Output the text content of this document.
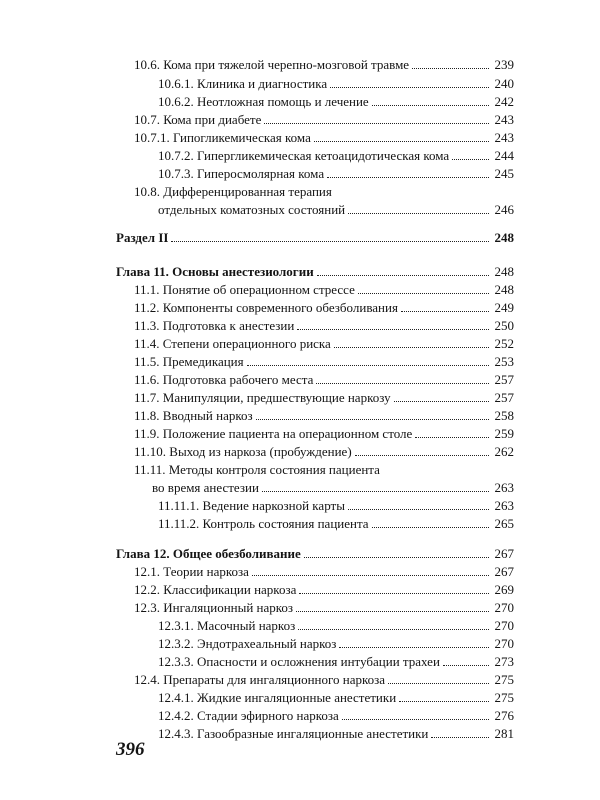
10.6. Кома при тяжелой черепно-мозговой травме	239
10.6.1. Клиника и диагностика	240
10.6.2. Неотложная помощь и лечение	242
10.7. Кома при диабете	243
10.7.1. Гипогликемическая кома	243
10.7.2. Гипергликемическая кетоацидотическая кома	244
10.7.3. Гиперосмолярная кома	245
10.8. Дифференцированная терапия
отдельных коматозных состояний	246
Раздел II	248
Глава 11. Основы анестезиологии	248
11.1. Понятие об операционном стрессе	248
11.2. Компоненты современного обезболивания	249
11.3. Подготовка к анестезии	250
11.4. Степени операционного риска	252
11.5. Премедикация	253
11.6. Подготовка рабочего места	257
11.7. Манипуляции, предшествующие наркозу	257
11.8. Вводный наркоз	258
11.9. Положение пациента на операционном столе	259
11.10. Выход из наркоза (пробуждение)	262
11.11. Методы контроля состояния пациента
во время анестезии	263
11.11.1. Ведение наркозной карты	263
11.11.2. Контроль состояния пациента	265
Глава 12. Общее обезболивание	267
12.1. Теории наркоза	267
12.2. Классификации наркоза	269
12.3. Ингаляционный наркоз	270
12.3.1. Масочный наркоз	270
12.3.2. Эндотрахеальный наркоз	270
12.3.3. Опасности и осложнения интубации трахеи	273
12.4. Препараты для ингаляционного наркоза	275
12.4.1. Жидкие ингаляционные анестетики	275
12.4.2. Стадии эфирного наркоза	276
12.4.3. Газообразные ингаляционные анестетики	281
396
